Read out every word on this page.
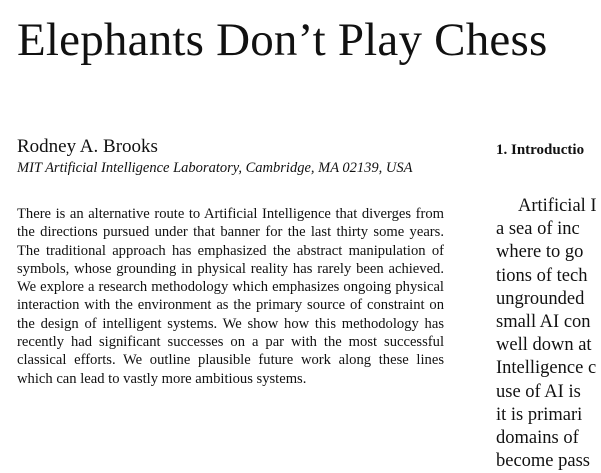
Elephants Don’t Play Chess

Rodney A. Brooks

MIT Artificial Intelligence Laboratory, Cambridge, MA 02139, USA

There is an alternative route to Artificial Intelligence that diverges from the directions pursued under that banner for the last thirty some years. The traditional approach has emphasized the abstract manipulation of symbols, whose grounding in physical reality has rarely been achieved. We explore a research methodology which emphasizes ongoing physical interaction with the environment as the primary source of constraint on the design of intelligent systems. We show how this methodology has recently had significant successes on a par with the most successful classical efforts. We outline plausible future work along these lines which can lead to vastly more ambitious systems.

1. Introductio
Artificial I
a sea of inc
where to go
tions of tech
ungrounded
small AI con
well down at
Intelligence c
use of AI is
it is primari
domains of
become pass
